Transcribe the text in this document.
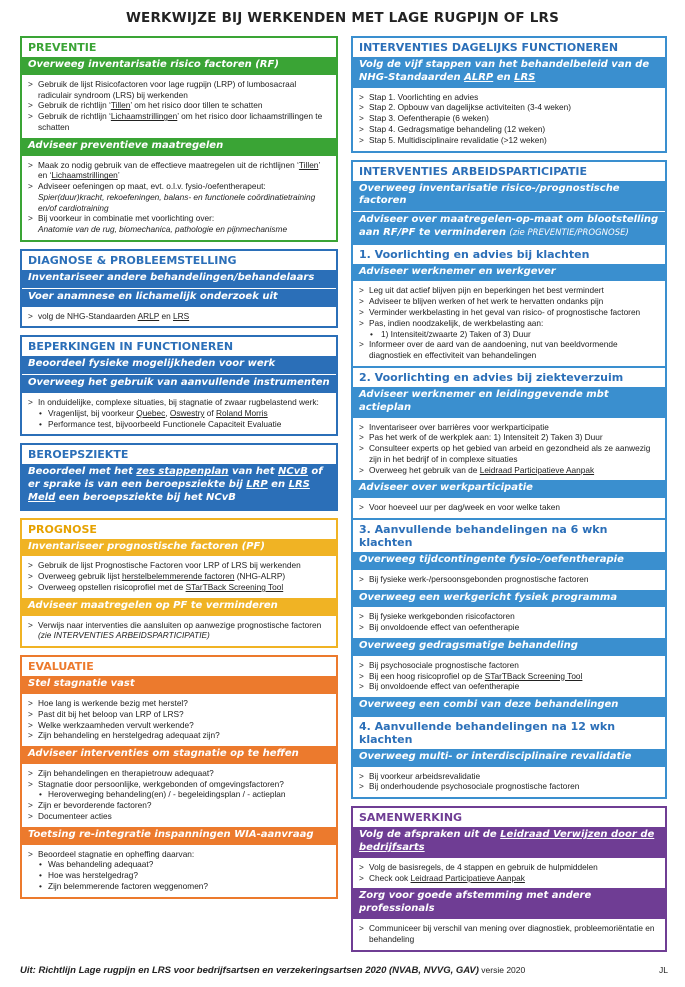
WERKWIJZE BIJ WERKENDEN MET LAGE RUGPIJN OF LRS
PREVENTIE
Overweeg inventarisatie risico factoren (RF)
> Gebruik de lijst Risicofactoren voor lage rugpijn (LRP) of lumbosacraal radiculair syndroom (LRS) bij werkenden
> Gebruik de richtlijn ‘Tillen’ om het risico door tillen te schatten
> Gebruik de richtlijn ‘Lichaamstrillingen’ om het risico door lichaamstrillingen te schatten
Adviseer preventieve maatregelen
> Maak zo nodig gebruik van de effectieve maatregelen uit de richtlijnen ‘Tillen’ en ‘Lichaamstrillingen’
> Adviseer oefeningen op maat, evt. o.l.v. fysio-/oefentherapeut:
Spier(duur)kracht, rekoefeningen, balans- en functionele coördinatietraining en/of cardiotraining
> Bij voorkeur in combinatie met voorlichting over:
Anatomie van de rug, biomechanica, pathologie en pijnmechanisme
DIAGNOSE & PROBLEEMSTELLING
Inventariseer andere behandelingen/behandelaars
Voer anamnese en lichamelijk onderzoek uit
> volg de NHG-Standaarden ARLP en LRS
BEPERKINGEN IN FUNCTIONEREN
Beoordeel fysieke mogelijkheden voor werk
Overweeg het gebruik van aanvullende instrumenten
> In onduidelijke, complexe situaties, bij stagnatie of zwaar rugbelastend werk:
• Vragenlijst, bij voorkeur Quebec, Oswestry of Roland Morris
• Performance test, bijvoorbeeld Functionele Capaciteit Evaluatie
BEROEPSZIEKTE
Beoordeel met het zes stappenplan van het NCvB of er sprake is van een beroepsziekte bij LRP en LRS
Meld een beroepsziekte bij het NCvB
PROGNOSE
Inventariseer prognostische factoren (PF)
> Gebruik de lijst Prognostische Factoren voor LRP of LRS bij werkenden
> Overweeg gebruik lijst herstelbelemmerende factoren (NHG-ALRP)
> Overweeg opstellen risicoprofiel met de STarTBack Screening Tool
Adviseer maatregelen op PF te verminderen
> Verwijs naar interventies die aansluiten op aanwezige prognostische factoren (zie INTERVENTIES ARBEIDSPARTICIPATIE)
EVALUATIE
Stel stagnatie vast
> Hoe lang is werkende bezig met herstel?
> Past dit bij het beloop van LRP of LRS?
> Welke werkzaamheden vervult werkende?
> Zijn behandeling en herstelgedrag adequaat zijn?
Adviseer interventies om stagnatie op te heffen
> Zijn behandelingen en therapietrouw adequaat?
> Stagnatie door persoonlijke, werkgebonden of omgevingsfactoren?
• Heroverweging behandeling(en) / - begeleidingsplan / - actieplan
> Zijn er bevorderende factoren?
> Documenteer acties
Toetsing re-integratie inspanningen WIA-aanvraag
> Beoordeel stagnatie en opheffing daarvan:
• Was behandeling adequaat?
• Hoe was herstelgedrag?
• Zijn belemmerende factoren weggenomen?
INTERVENTIES DAGELIJKS FUNCTIONEREN
Volg de vijf stappen van het behandelbeleid van de NHG-Standaarden ALRP en LRS
> Stap 1. Voorlichting en advies
> Stap 2. Opbouw van dagelijkse activiteiten (3-4 weken)
> Stap 3. Oefentherapie (6 weken)
> Stap 4. Gedragsmatige behandeling (12 weken)
> Stap 5. Multidisciplinaire revalidatie (>12 weken)
INTERVENTIES ARBEIDSPARTICIPATIE
Overweeg inventarisatie risico-/prognostische factoren
Adviseer over maatregelen-op-maat om blootstelling aan RF/PF te verminderen (zie PREVENTIE/PROGNOSE)
1. Voorlichting en advies bij klachten
Adviseer werknemer en werkgever
> Leg uit dat actief blijven pijn en beperkingen het best vermindert
> Adviseer te blijven werken of het werk te hervatten ondanks pijn
> Verminder werkbelasting in het geval van risico- of prognostische factoren
> Pas, indien noodzakelijk, de werkbelasting aan:
• 1) Intensiteit/zwaarte 2) Taken of 3) Duur
> Informeer over de aard van de aandoening, nut van beeldvormende diagnostiek en effectiviteit van behandelingen
2. Voorlichting en advies bij ziekteverzuim
Adviseer werknemer en leidinggevende mbt actieplan
> Inventariseer over barrières voor werkparticipatie
> Pas het werk of de werkplek aan: 1) Intensiteit 2) Taken 3) Duur
> Consulteer experts op het gebied van arbeid en gezondheid als ze aanwezig zijn in het bedrijf of in complexe situaties
> Overweeg het gebruik van de Leidraad Participatieve Aanpak
Adviseer over werkparticipatie
> Voor hoeveel uur per dag/week en voor welke taken
3. Aanvullende behandelingen na 6 wkn klachten
Overweeg tijdcontingente fysio-/oefentherapie
> Bij fysieke werk-/persoonsgebonden prognostische factoren
Overweeg een werkgericht fysiek programma
> Bij fysieke werkgebonden risicofactoren
> Bij onvoldoende effect van oefentherapie
Overweeg gedragsmatige behandeling
> Bij psychosociale prognostische factoren
> Bij een hoog risicoprofiel op de STarTBack Screening Tool
> Bij onvoldoende effect van oefentherapie
Overweeg een combi van deze behandelingen
4. Aanvullende behandelingen na 12 wkn klachten
Overweeg multi- or interdisciplinaire revalidatie
> Bij voorkeur arbeidsrevalidatie
> Bij onderhoudende psychosociale prognostische factoren
SAMENWERKING
Volg de afspraken uit de Leidraad Verwijzen door de bedrijfsarts
> Volg de basisregels, de 4 stappen en gebruik de hulpmiddelen
> Check ook Leidraad Participatieve Aanpak
Zorg voor goede afstemming met andere professionals
> Communiceer bij verschil van mening over diagnostiek, probleemoriëntatie en behandeling
Uit: Richtlijn Lage rugpijn en LRS voor bedrijfsartsen en verzekeringsartsen 2020 (NVAB, NVVG, GAV) versie 2020	JL
